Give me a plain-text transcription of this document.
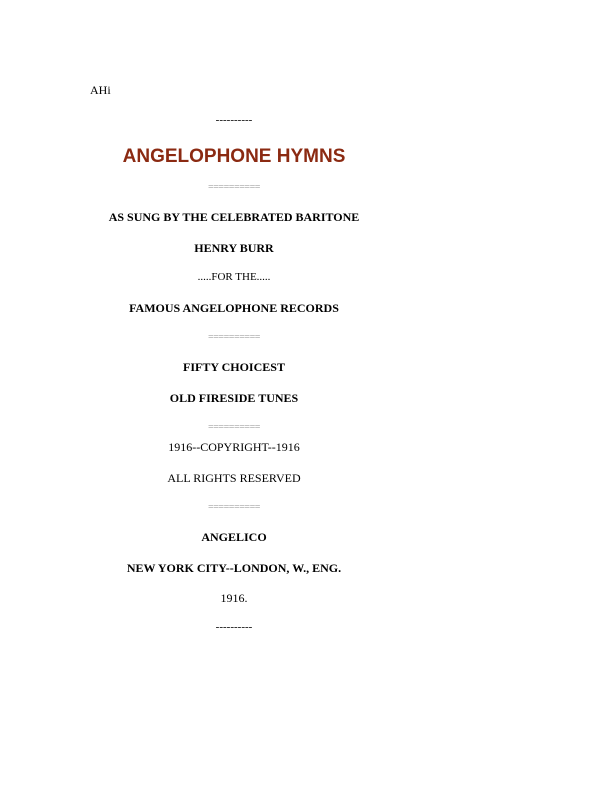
AHi
----------
ANGELOPHONE HYMNS
==========
AS SUNG BY THE CELEBRATED BARITONE
HENRY BURR
.....FOR THE.....
FAMOUS ANGELOPHONE RECORDS
==========
FIFTY CHOICEST
OLD FIRESIDE TUNES
==========
1916--COPYRIGHT--1916
ALL RIGHTS RESERVED
==========
ANGELICO
NEW YORK CITY--LONDON, W., ENG.
1916.
----------
